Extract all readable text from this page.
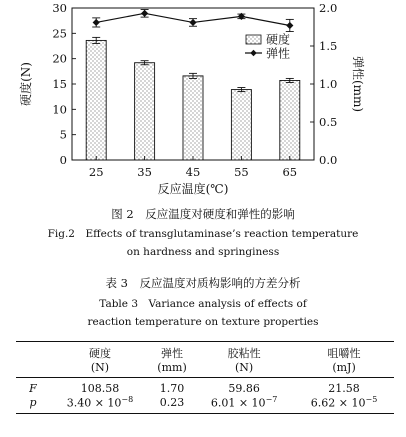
0
5
10
15
20
25
30
0.0
0.5
1.0
1.5
2.0
25	35	45	55	65
反应温度(℃)
硬度(N)	弹性(mm)
硬度
弹性
图 2　反应温度对硬度和弹性的影响
Fig.2　Effects of transglutaminase’s reaction temperature
on hardness and springiness
表 3　反应温度对质构影响的方差分析
Table 3　Variance analysis of effects of
reaction temperature on texture properties
	硬度	弹性	胶粘性	咀嚼性
	(N)	(mm)	(N)	(mJ)
F	108.58	1.70	59.86	21.58
p	$3.40 \times 10^{-8}$	0.23	$6.01 \times 10^{-7}$	$6.62 \times 10^{-5}$
